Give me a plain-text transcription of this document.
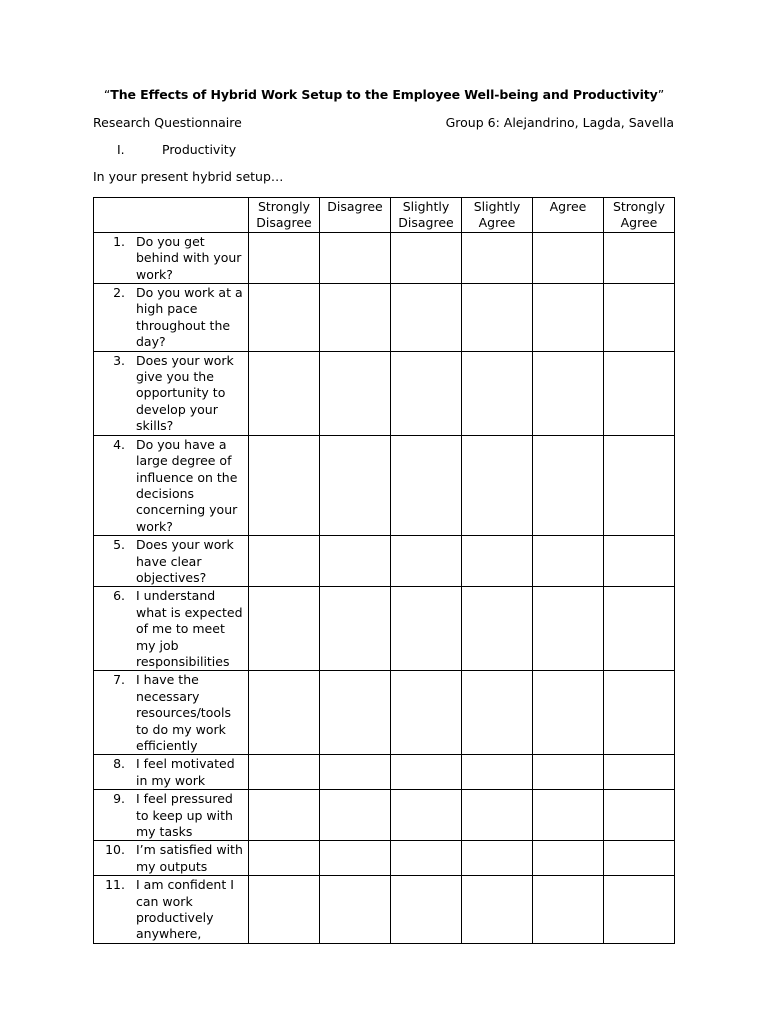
“The Effects of Hybrid Work Setup to the Employee Well-being and Productivity”
Research Questionnaire	Group 6: Alejandrino, Lagda, Savella
I.	Productivity
In your present hybrid setup…
	Strongly Disagree	Disagree	Slightly Disagree	Slightly Agree	Agree	Strongly Agree

1. Do you get behind with your work?						

2. Do you work at a high pace throughout the day?						

3. Does your work give you the opportunity to develop your skills?						

4. Do you have a large degree of influence on the decisions concerning your work?						

5. Does your work have clear objectives?						

6. I understand what is expected of me to meet my job responsibilities						

7. I have the necessary resources/tools to do my work efficiently						

8. I feel motivated in my work						

9. I feel pressured to keep up with my tasks						

10. I’m satisfied with my outputs						

11. I am confident I can work productively anywhere,						
